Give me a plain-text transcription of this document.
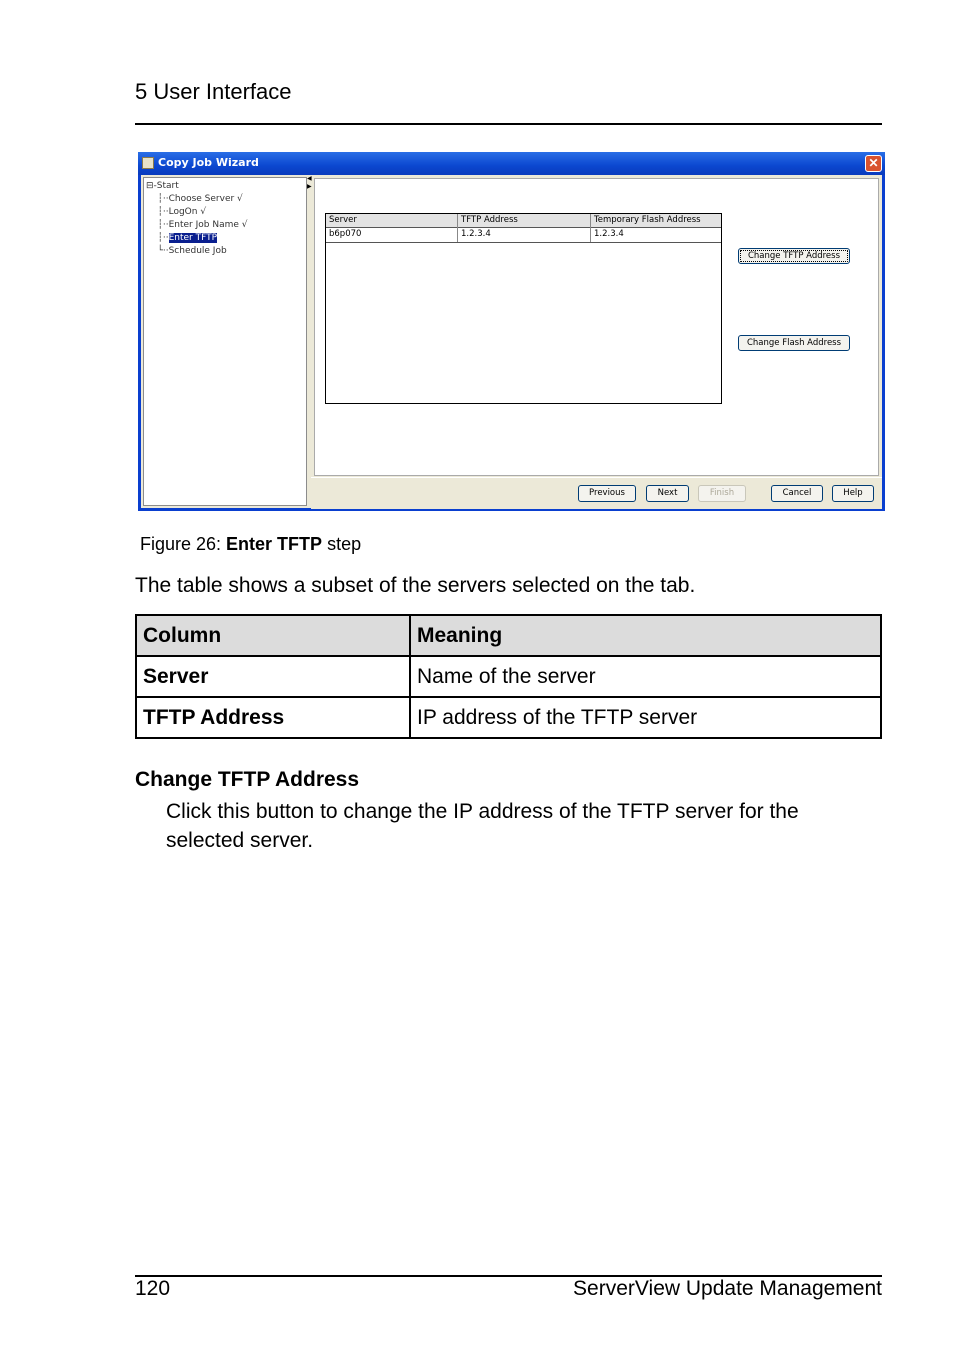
5 User Interface
Copy Job Wizard	✕
⊟-Start
┆··Choose Server √
┆··LogOn √
┆··Enter Job Name √
┆··Enter TFTP
└··Schedule Job
◀
▶
Server	TFTP Address	Temporary Flash Address
b6p070	1.2.3.4	1.2.3.4
Change TFTP Address
Change Flash Address
Previous	Next	Finish	Cancel	Help
Figure 26: Enter TFTP step
The table shows a subset of the servers selected on the tab.
Column	Meaning
Server	Name of the server
TFTP Address	IP address of the TFTP server
Change TFTP Address
Click this button to change the IP address of the TFTP server for the selected server.
120	ServerView Update Management
